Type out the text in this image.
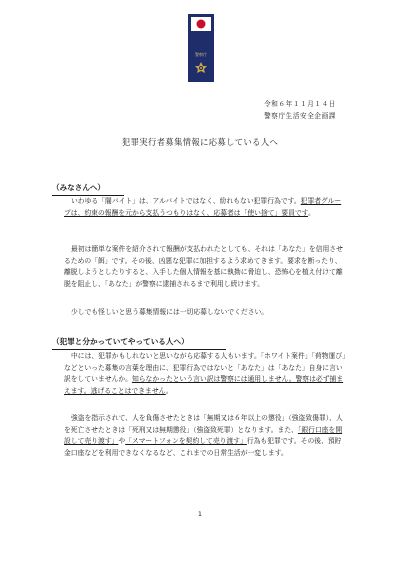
警察庁
令和６年１１月１４日
警察庁生活安全企画課
犯罪実行者募集情報に応募している人へ
（みなさんへ）
いわゆる「闇バイト」は、アルバイトではなく、紛れもない犯罪行為です。犯罪者グループは、約束の報酬を元から支払うつもりはなく、応募者は「使い捨て」要員です。
最初は簡単な案件を紹介されて報酬が支払われたとしても、それは「あなた」を信用させるための「餌」です。その後、凶悪な犯罪に加担するよう求めてきます。要求を断ったり、離脱しようとしたりすると、入手した個人情報を基に執拗に脅迫し、恐怖心を植え付けて離脱を阻止し、「あなた」が警察に逮捕されるまで利用し続けます。
少しでも怪しいと思う募集情報には一切応募しないでください。
（犯罪と分かっていてやっている人へ）
中には、犯罪かもしれないと思いながら応募する人もいます。「ホワイト案件」「荷物運び」などといった募集の言葉を理由に、犯罪行為ではないと「あなた」は「あなた」自身に言い訳をしていませんか。知らなかったという言い訳は警察には通用しません。警察は必ず捕まえます。逃げることはできません。
強盗を指示されて、人を負傷させたときは「無期又は６年以上の懲役」（強盗致傷罪）、人を死亡させたときは「死刑又は無期懲役」（強盗致死罪）となります。また、「銀行口座を開設して売り渡す」や「スマートフォンを契約して売り渡す」行為も犯罪です。その後、預貯金口座などを利用できなくなるなど、これまでの日常生活が一変します。
1
